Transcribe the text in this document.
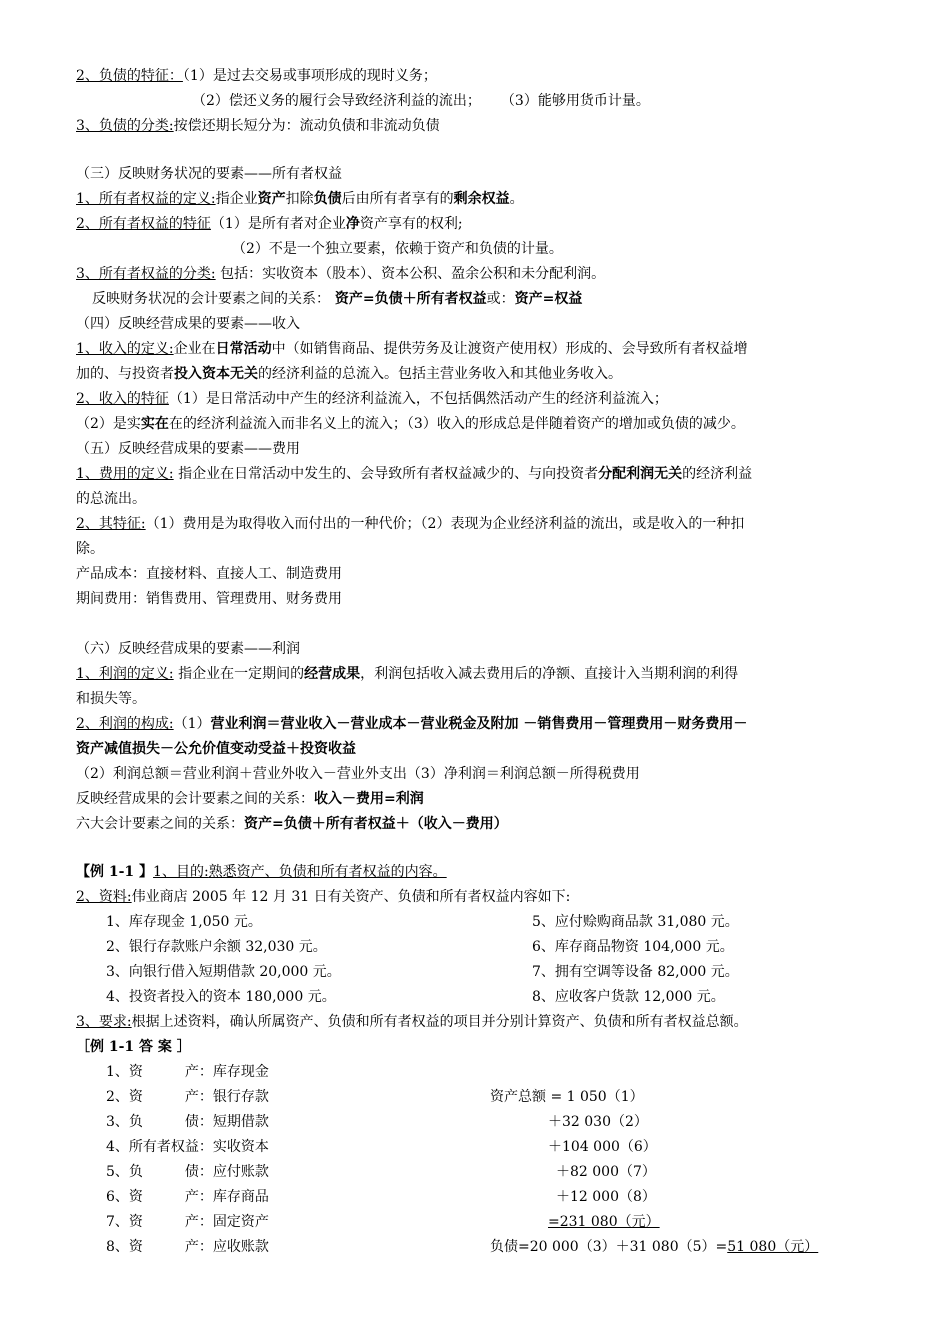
2、负债的特征：（1）是过去交易或事项形成的现时义务；
（2）偿还义务的履行会导致经济利益的流出； （3）能够用货币计量。
3、负债的分类:按偿还期长短分为：流动负债和非流动负债
（三）反映财务状况的要素——所有者权益
1、所有者权益的定义:指企业资产扣除负债后由所有者享有的剩余权益。
2、所有者权益的特征（1）是所有者对企业净资产享有的权利;
（2）不是一个独立要素，依赖于资产和负债的计量。
3、所有者权益的分类: 包括：实收资本（股本）、资本公积、盈余公积和未分配利润。
反映财务状况的会计要素之间的关系： 资产=负债＋所有者权益或：资产=权益
（四）反映经营成果的要素——收入
1、收入的定义:企业在日常活动中（如销售商品、提供劳务及让渡资产使用权）形成的、会导致所有者权益增
加的、与投资者投入资本无关的经济利益的总流入。包括主营业务收入和其他业务收入。
2、收入的特征（1）是日常活动中产生的经济利益流入，不包括偶然活动产生的经济利益流入；
（2）是实实在在的经济利益流入而非名义上的流入；（3）收入的形成总是伴随着资产的增加或负债的减少。
（五）反映经营成果的要素——费用
1、费用的定义: 指企业在日常活动中发生的、会导致所有者权益减少的、与向投资者分配利润无关的经济利益
的总流出。
2、其特征:（1）费用是为取得收入而付出的一种代价；（2）表现为企业经济利益的流出，或是收入的一种扣
除。
产品成本：直接材料、直接人工、制造费用
期间费用：销售费用、管理费用、财务费用
（六）反映经营成果的要素——利润
1、利润的定义: 指企业在一定期间的经营成果，利润包括收入减去费用后的净额、直接计入当期利润的利得
和损失等。
2、利润的构成:（1）营业利润＝营业收入－营业成本－营业税金及附加 －销售费用－管理费用－财务费用－
资产减值损失－公允价值变动受益＋投资收益
（2）利润总额＝营业利润＋营业外收入－营业外支出（3）净利润＝利润总额－所得税费用
反映经营成果的会计要素之间的关系：收入－费用=利润
六大会计要素之间的关系：资产=负债＋所有者权益＋（收入－费用）
【例 1-1 】1、目的:熟悉资产、负债和所有者权益的内容。
2、资料:伟业商店 2005 年 12 月 31 日有关资产、负债和所有者权益内容如下:
1、库存现金 1,050 元。
2、银行存款账户余额 32,030 元。
3、向银行借入短期借款 20,000 元。
4、投资者投入的资本 180,000 元。
5、应付赊购商品款 31,080 元。
6、库存商品物资 104,000 元。
7、拥有空调等设备 82,000 元。
8、应收客户货款 12,000 元。
3、要求:根据上述资料，确认所属资产、负债和所有者权益的项目并分别计算资产、负债和所有者权益总额。
［例 1-1 答 案 ］
1、资　　　产：库存现金
2、资　　　产：银行存款
3、负　　　债：短期借款
4、所有者权益：实收资本
5、负　　　债：应付账款
6、资　　　产：库存商品
7、资　　　产：固定资产
8、资　　　产：应收账款
资产总额 = 1 050（1）
＋32 030（2）
＋104 000（6）
＋82 000（7）
＋12 000（8）
=231 080（元）
负债=20 000（3）＋31 080（5）=51 080（元）
